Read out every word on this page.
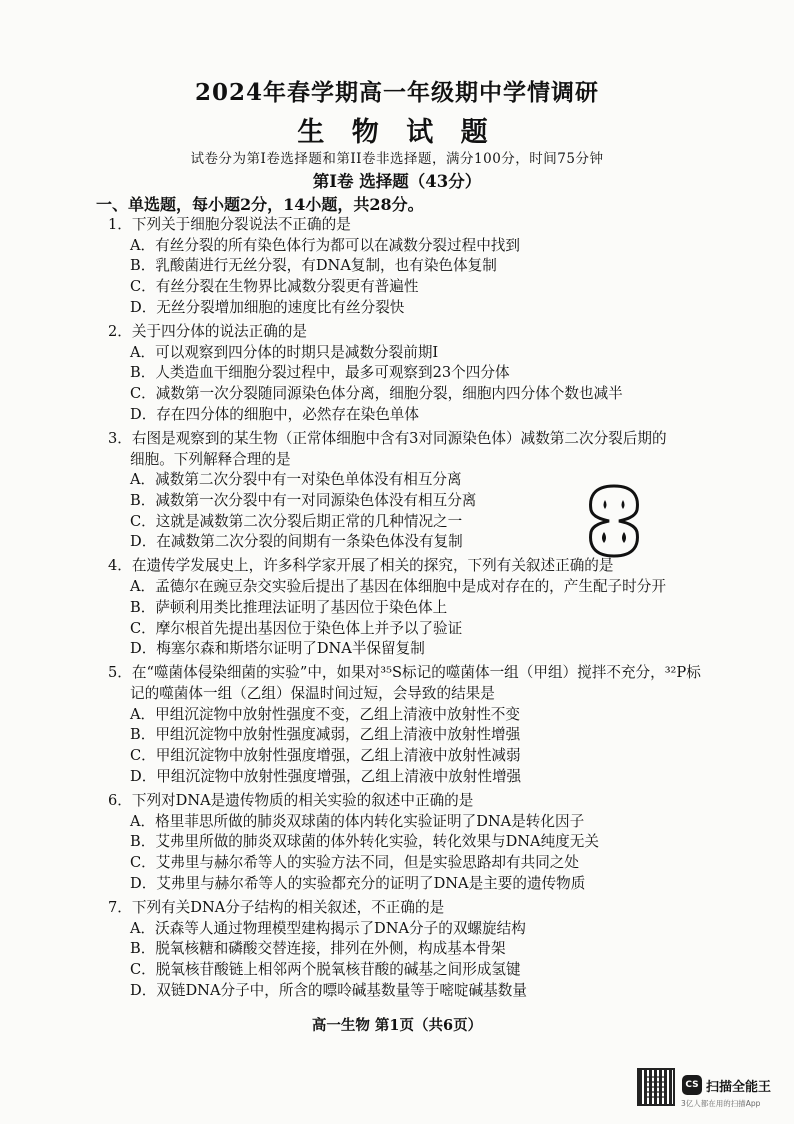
2024年春学期高一年级期中学情调研
生 物 试 题
试卷分为第Ⅰ卷选择题和第II卷非选择题，满分100分，时间75分钟
第Ⅰ卷 选择题（43分）
一、单选题，每小题2分，14小题，共28分。
1．下列关于细胞分裂说法不正确的是
A．有丝分裂的所有染色体行为都可以在减数分裂过程中找到
B．乳酸菌进行无丝分裂，有DNA复制，也有染色体复制
C．有丝分裂在生物界比减数分裂更有普遍性
D．无丝分裂增加细胞的速度比有丝分裂快
2．关于四分体的说法正确的是
A．可以观察到四分体的时期只是减数分裂前期Ⅰ
B．人类造血干细胞分裂过程中，最多可观察到23个四分体
C．减数第一次分裂随同源染色体分离，细胞分裂，细胞内四分体个数也减半
D．存在四分体的细胞中，必然存在染色单体
3．右图是观察到的某生物（正常体细胞中含有3对同源染色体）减数第二次分裂后期的
细胞。下列解释合理的是
A．减数第二次分裂中有一对染色单体没有相互分离
B．减数第一次分裂中有一对同源染色体没有相互分离
C．这就是减数第二次分裂后期正常的几种情况之一
D．在减数第二次分裂的间期有一条染色体没有复制
4．在遗传学发展史上，许多科学家开展了相关的探究，下列有关叙述正确的是
A．孟德尔在豌豆杂交实验后提出了基因在体细胞中是成对存在的，产生配子时分开
B．萨顿利用类比推理法证明了基因位于染色体上
C．摩尔根首先提出基因位于染色体上并予以了验证
D．梅塞尔森和斯塔尔证明了DNA半保留复制
5．在“噬菌体侵染细菌的实验”中，如果对³⁵S标记的噬菌体一组（甲组）搅拌不充分，³²P标
记的噬菌体一组（乙组）保温时间过短，会导致的结果是
A．甲组沉淀物中放射性强度不变，乙组上清液中放射性不变
B．甲组沉淀物中放射性强度减弱，乙组上清液中放射性增强
C．甲组沉淀物中放射性强度增强，乙组上清液中放射性减弱
D．甲组沉淀物中放射性强度增强，乙组上清液中放射性增强
6．下列对DNA是遗传物质的相关实验的叙述中正确的是
A．格里菲思所做的肺炎双球菌的体内转化实验证明了DNA是转化因子
B．艾弗里所做的肺炎双球菌的体外转化实验，转化效果与DNA纯度无关
C．艾弗里与赫尔希等人的实验方法不同，但是实验思路却有共同之处
D．艾弗里与赫尔希等人的实验都充分的证明了DNA是主要的遗传物质
7．下列有关DNA分子结构的相关叙述，不正确的是
A．沃森等人通过物理模型建构揭示了DNA分子的双螺旋结构
B．脱氧核糖和磷酸交替连接，排列在外侧，构成基本骨架
C．脱氧核苷酸链上相邻两个脱氧核苷酸的碱基之间形成氢键
D．双链DNA分子中，所含的嘌呤碱基数量等于嘧啶碱基数量
高一生物 第1页（共6页）
CS 扫描全能王
3亿人都在用的扫描App
